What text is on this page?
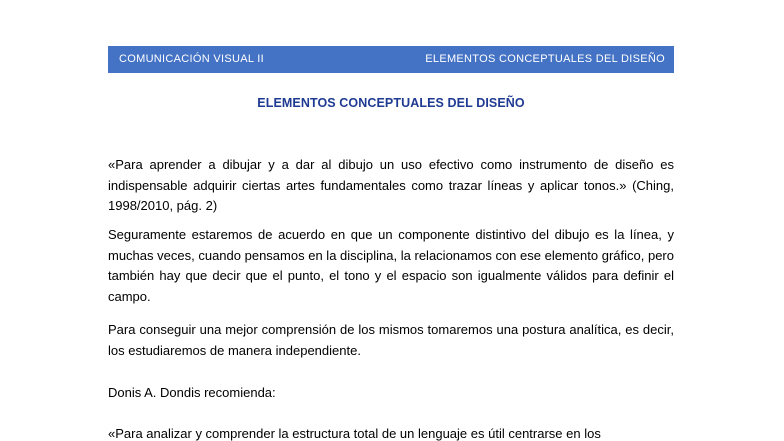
COMUNICACIÓN VISUAL II	ELEMENTOS CONCEPTUALES DEL DISEÑO
ELEMENTOS CONCEPTUALES DEL DISEÑO

«Para aprender a dibujar y a dar al dibujo un uso efectivo como instrumento de diseño es indispensable adquirir ciertas artes fundamentales como trazar líneas y aplicar tonos.» (Ching, 1998/2010, pág. 2)

Seguramente estaremos de acuerdo en que un componente distintivo del dibujo es la línea, y muchas veces, cuando pensamos en la disciplina, la relacionamos con ese elemento gráfico, pero también hay que decir que el punto, el tono y el espacio son igualmente válidos para definir el campo.

Para conseguir una mejor comprensión de los mismos tomaremos una postura analítica, es decir, los estudiaremos de manera independiente.

Donis A. Dondis recomienda:

«Para analizar y comprender la estructura total de un lenguaje es útil centrarse en los
